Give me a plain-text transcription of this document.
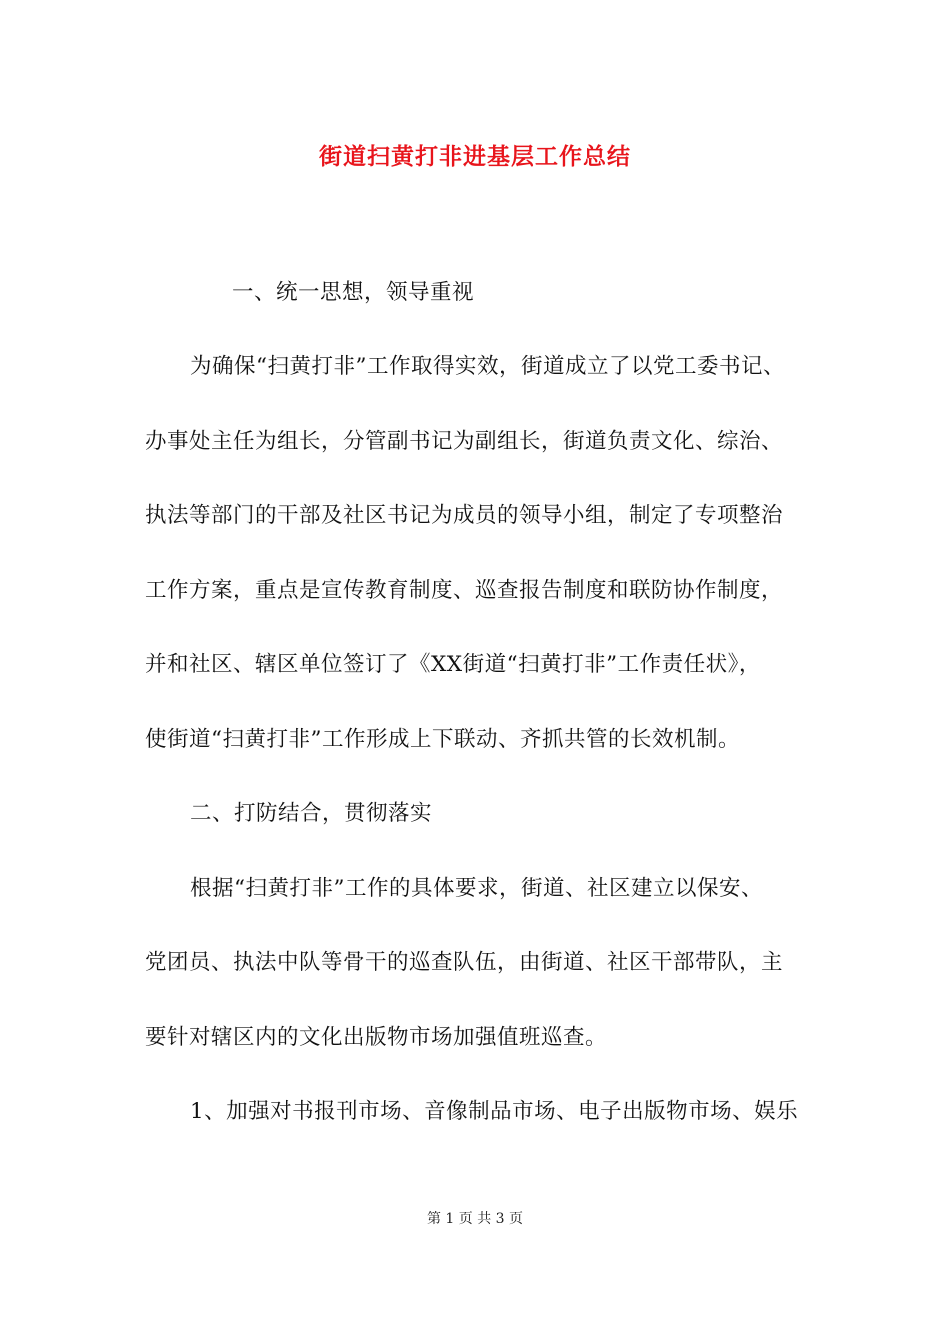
街道扫黄打非进基层工作总结
一、统一思想，领导重视
为确保“扫黄打非”工作取得实效，街道成立了以党工委书记、
办事处主任为组长，分管副书记为副组长，街道负责文化、综治、
执法等部门的干部及社区书记为成员的领导小组，制定了专项整治
工作方案，重点是宣传教育制度、巡查报告制度和联防协作制度，
并和社区、辖区单位签订了《XX街道“扫黄打非”工作责任状》，
使街道“扫黄打非”工作形成上下联动、齐抓共管的长效机制。
二、打防结合，贯彻落实
根据“扫黄打非”工作的具体要求，街道、社区建立以保安、
党团员、执法中队等骨干的巡查队伍，由街道、社区干部带队，主
要针对辖区内的文化出版物市场加强值班巡查。
1、加强对书报刊市场、音像制品市场、电子出版物市场、娱乐
第 1 页 共 3 页
